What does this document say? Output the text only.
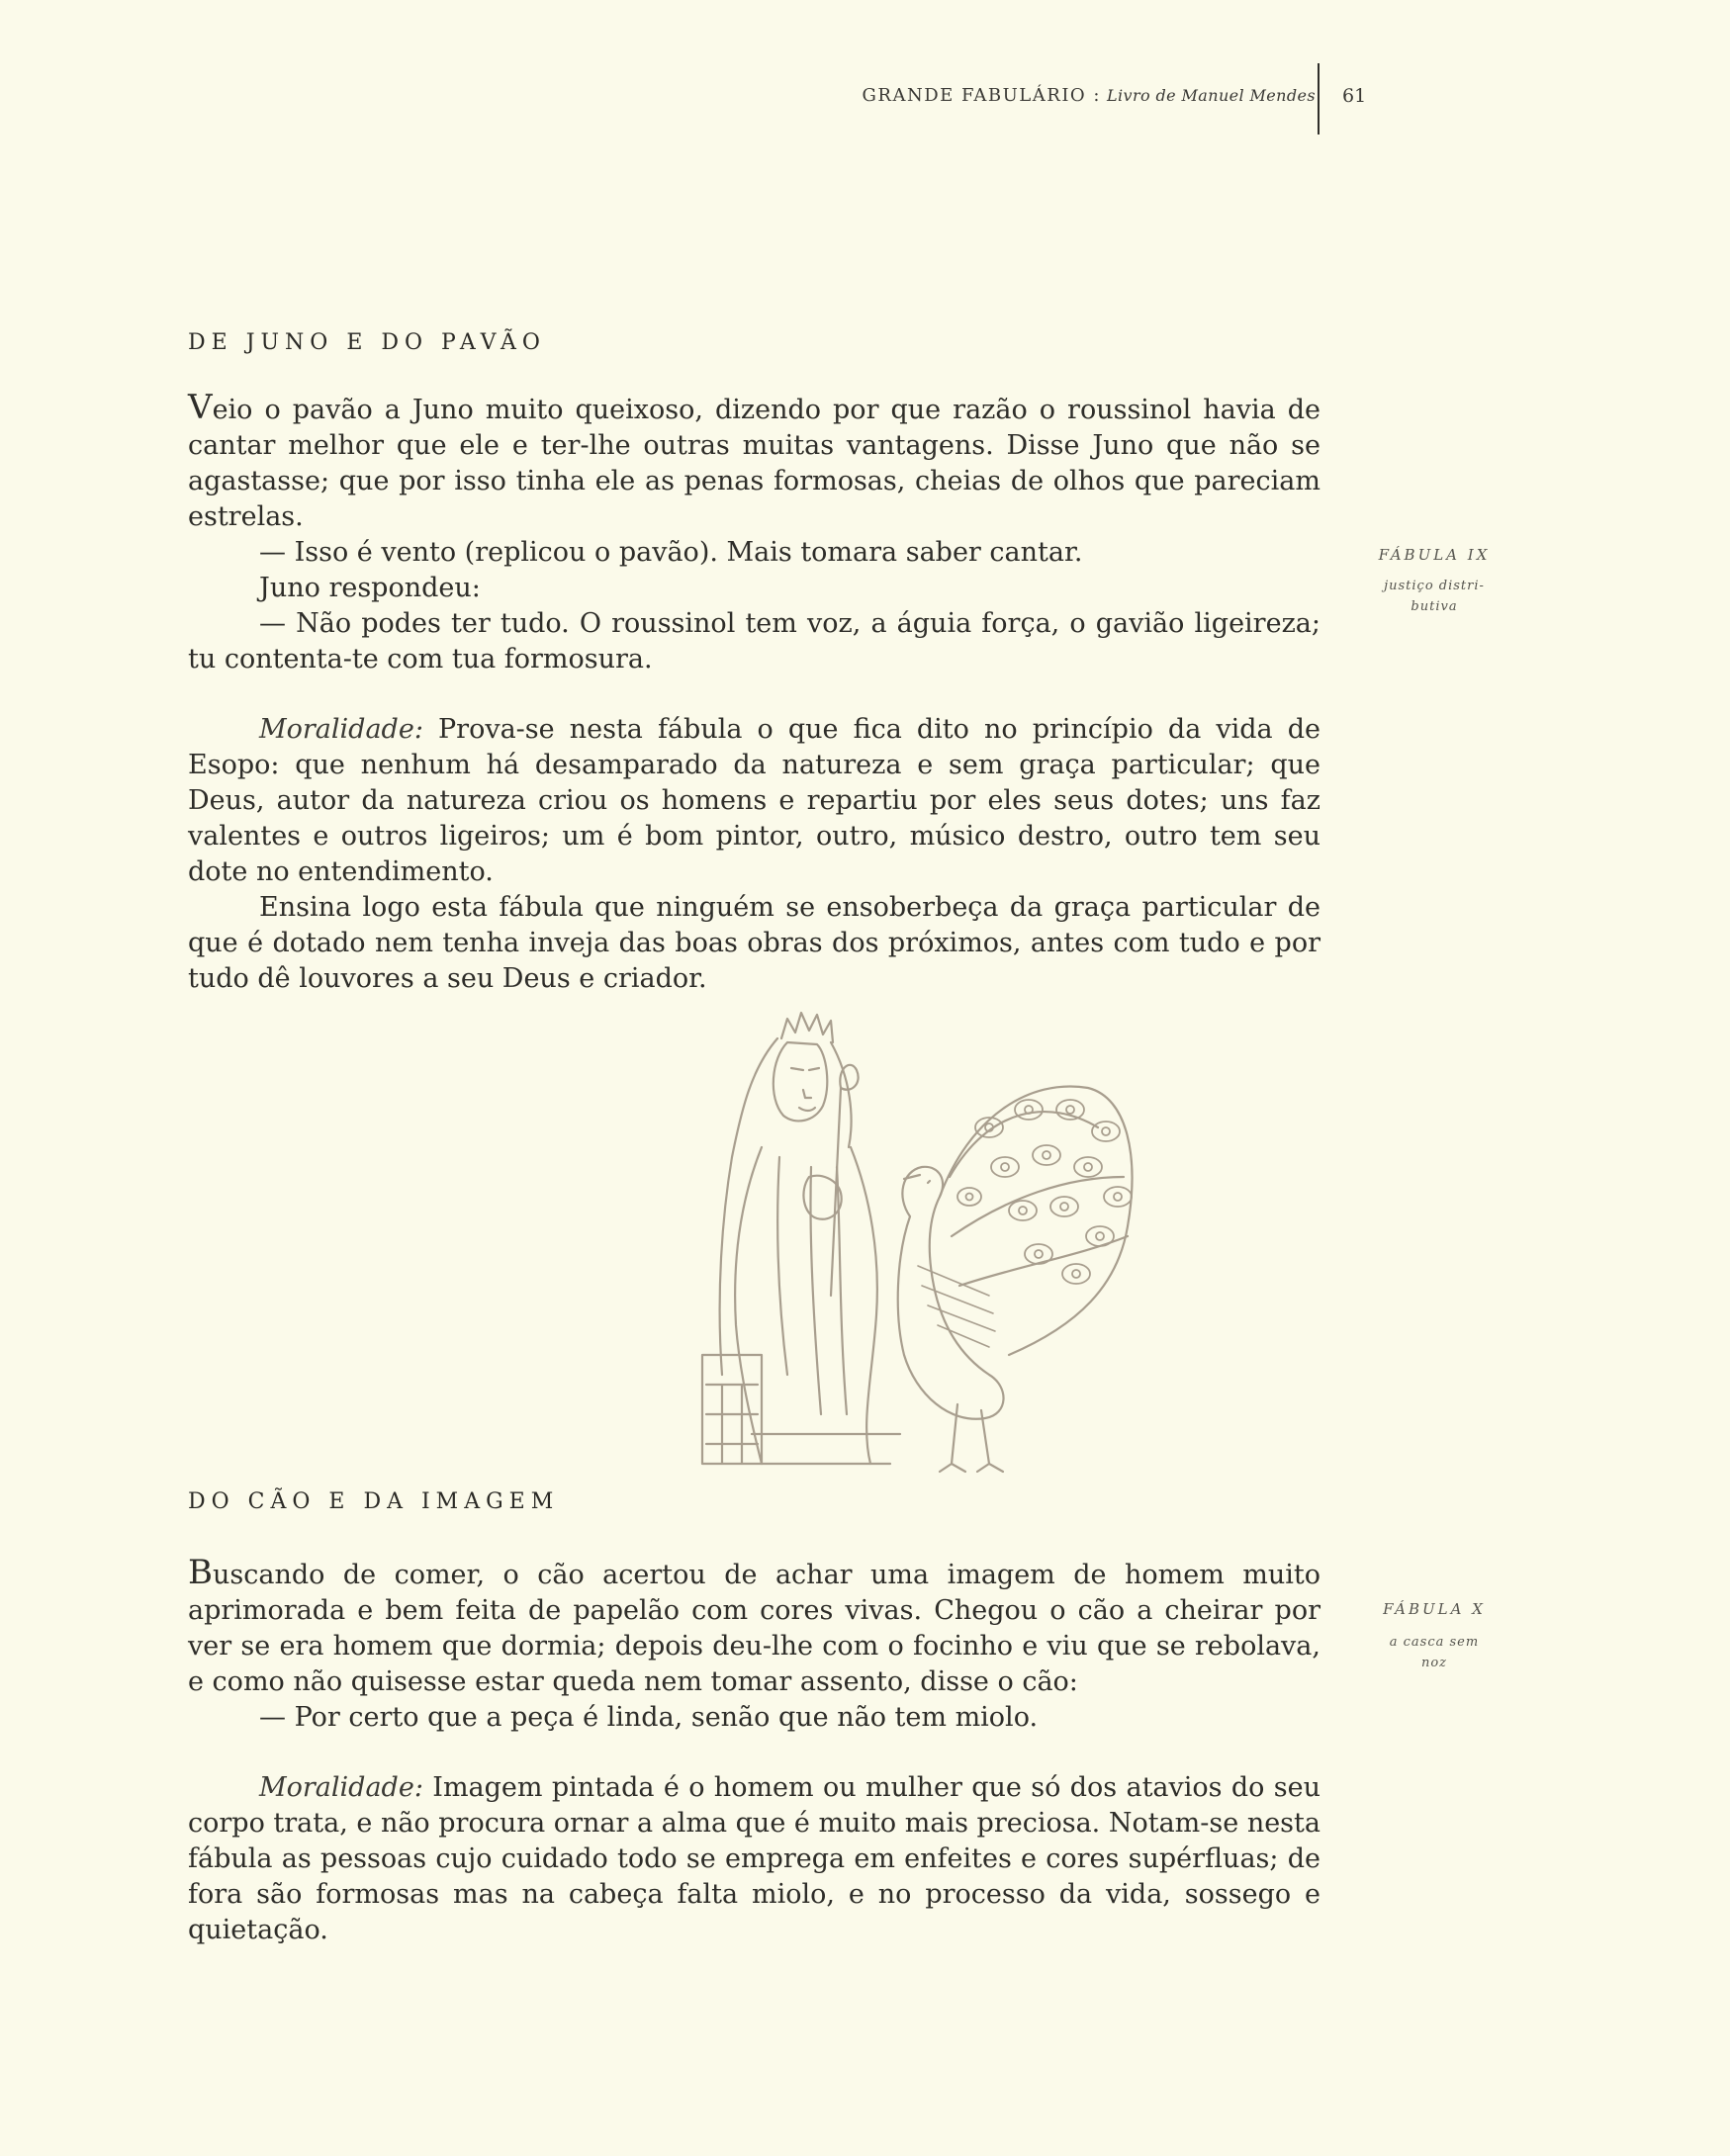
GRANDE FABULÁRIO : Livro de Manuel Mendes 61
DE JUNO E DO PAVÃO

Veio o pavão a Juno muito queixoso, dizendo por que razão o roussinol havia de cantar melhor que ele e ter-lhe outras muitas vantagens. Disse Juno que não se agastasse; que por isso tinha ele as penas formosas, cheias de olhos que pareciam estrelas.

— Isso é vento (replicou o pavão). Mais tomara saber cantar.

Juno respondeu:

— Não podes ter tudo. O roussinol tem voz, a águia força, o gavião ligeireza; tu contenta-te com tua formosura.

Moralidade: Prova-se nesta fábula o que fica dito no princípio da vida de Esopo: que nenhum há desamparado da natureza e sem graça particular; que Deus, autor da natureza criou os homens e repartiu por eles seus dotes; uns faz valentes e outros ligeiros; um é bom pintor, outro, músico destro, outro tem seu dote no entendimento.

Ensina logo esta fábula que ninguém se ensoberbeça da graça particular de que é dotado nem tenha inveja das boas obras dos próximos, antes com tudo e por tudo dê louvores a seu Deus e criador.

FÁBULA IX
justiço distri-
butiva
DO CÃO E DA IMAGEM

Buscando de comer, o cão acertou de achar uma imagem de homem muito aprimorada e bem feita de papelão com cores vivas. Chegou o cão a cheirar por ver se era homem que dormia; depois deu-lhe com o focinho e viu que se rebolava, e como não quisesse estar queda nem tomar assento, disse o cão:

— Por certo que a peça é linda, senão que não tem miolo.

Moralidade: Imagem pintada é o homem ou mulher que só dos atavios do seu corpo trata, e não procura ornar a alma que é muito mais preciosa. Notam-se nesta fábula as pessoas cujo cuidado todo se emprega em enfeites e cores supérfluas; de fora são formosas mas na cabeça falta miolo, e no processo da vida, sossego e quietação.

FÁBULA X
a casca sem
noz
